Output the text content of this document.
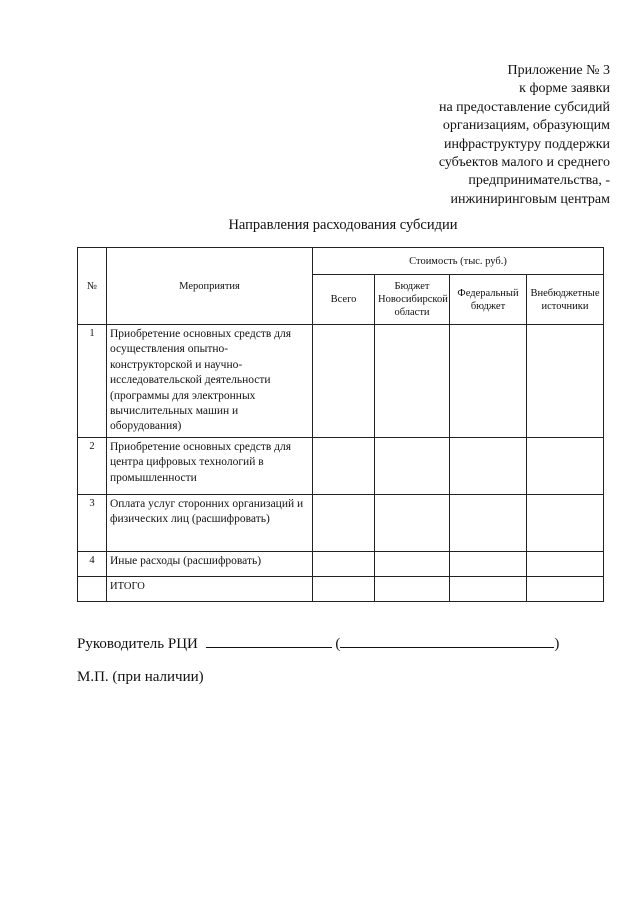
Приложение № 3
к форме заявки
на предоставление субсидий
организациям, образующим
инфраструктуру поддержки
субъектов малого и среднего
предпринимательства, -
инжиниринговым центрам
Направления расходования субсидии
№	Мероприятия	Стоимость (тыс. руб.)			
		Всего	Бюджет Новосибирской области	Федеральный бюджет	Внебюджетные источники
1	Приобретение основных средств для осуществления опытно-конструкторской и научно-исследовательской деятельности (программы для электронных вычислительных машин и оборудования)				
2	Приобретение основных средств для центра цифровых технологий в промышленности				
3	Оплата услуг сторонних организаций и физических лиц (расшифровать)				
4	Иные расходы (расшифровать)				
	ИТОГО				
Руководитель РЦИ	(	)
М.П. (при наличии)
